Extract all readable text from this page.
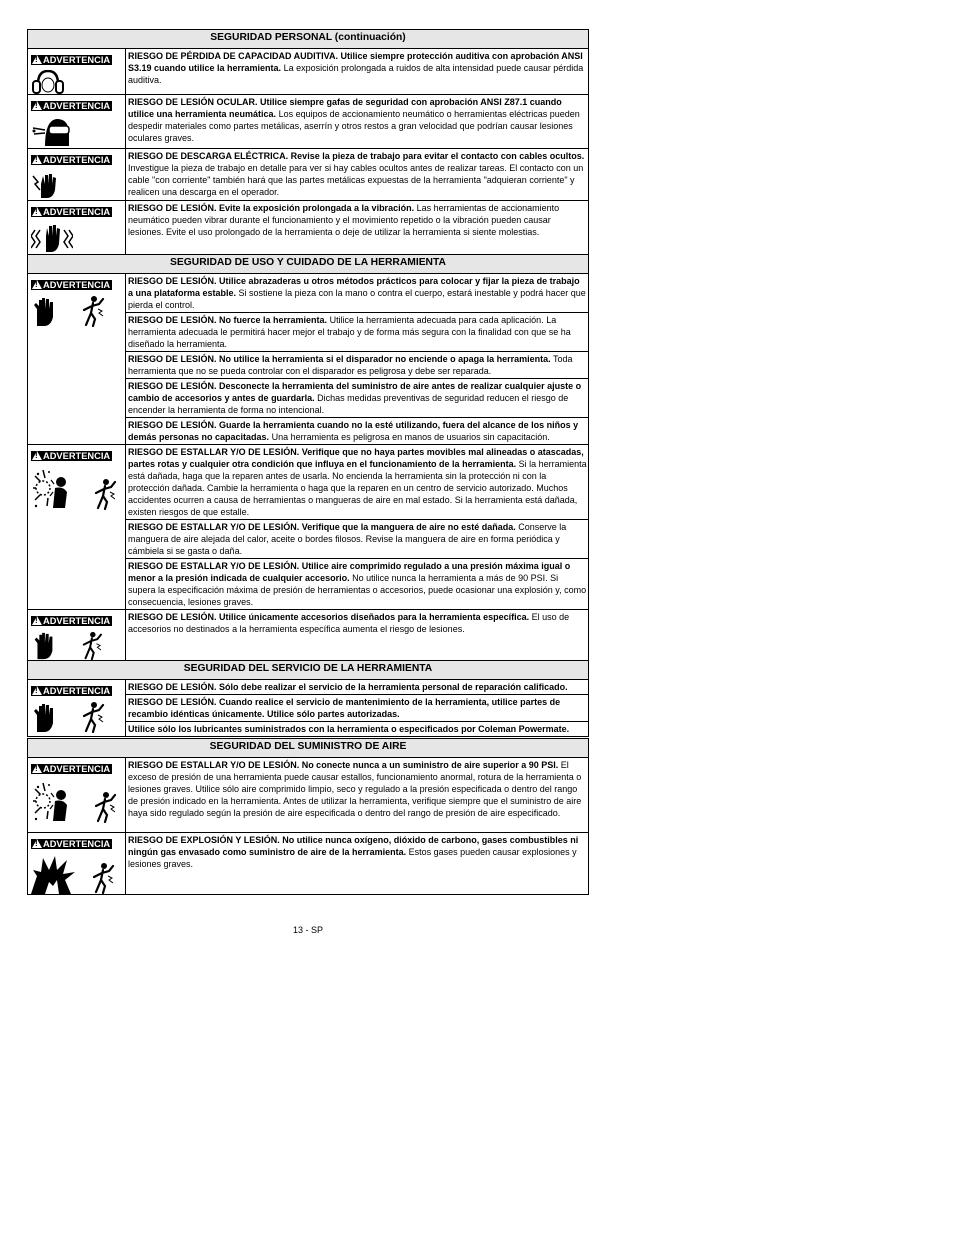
SEGURIDAD PERSONAL (continuación)	
!ADVERTENCIA	RIESGO DE PÉRDIDA DE CAPACIDAD AUDITIVA. Utilice siempre protección auditiva con aprobación ANSI S3.19 cuando utilice la herramienta. La exposición prolongada a ruidos de alta intensidad puede causar pérdida auditiva.
!ADVERTENCIA	RIESGO DE LESIÓN OCULAR. Utilice siempre gafas de seguridad con aprobación ANSI Z87.1 cuando utilice una herramienta neumática. Los equipos de accionamiento neumático o herramientas eléctricas pueden despedir materiales como partes metálicas, aserrín y otros restos a gran velocidad que podrían causar lesiones oculares graves.
!ADVERTENCIA	RIESGO DE DESCARGA ELÉCTRICA. Revise la pieza de trabajo para evitar el contacto con cables ocultos. Investigue la pieza de trabajo en detalle para ver si hay cables ocultos antes de realizar tareas. El contacto con un cable "con corriente" también hará que las partes metálicas expuestas de la herramienta "adquieran corriente" y realicen una descarga en el operador.
!ADVERTENCIA	RIESGO DE LESIÓN. Evite la exposición prolongada a la vibración. Las herramientas de accionamiento neumático pueden vibrar durante el funcionamiento y el movimiento repetido o la vibración pueden causar lesiones. Evite el uso prolongado de la herramienta o deje de utilizar la herramienta si siente molestias.
SEGURIDAD DE USO Y CUIDADO DE LA HERRAMIENTA	
!ADVERTENCIA	RIESGO DE LESIÓN. Utilice abrazaderas u otros métodos prácticos para colocar y fijar la pieza de trabajo a una plataforma estable. Si sostiene la pieza con la mano o contra el cuerpo, estará inestable y podrá hacer que pierda el control.
	RIESGO DE LESIÓN. No fuerce la herramienta. Utilice la herramienta adecuada para cada aplicación. La herramienta adecuada le permitirá hacer mejor el trabajo y de forma más segura con la finalidad con que se ha diseñado la herramienta.
	RIESGO DE LESIÓN. No utilice la herramienta si el disparador no enciende o apaga la herramienta. Toda herramienta que no se pueda controlar con el disparador es peligrosa y debe ser reparada.
	RIESGO DE LESIÓN. Desconecte la herramienta del suministro de aire antes de realizar cualquier ajuste o cambio de accesorios y antes de guardarla. Dichas medidas preventivas de seguridad reducen el riesgo de encender la herramienta de forma no intencional.
	RIESGO DE LESIÓN. Guarde la herramienta cuando no la esté utilizando, fuera del alcance de los niños y demás personas no capacitadas. Una herramienta es peligrosa en manos de usuarios sin capacitación.
!ADVERTENCIA	RIESGO DE ESTALLAR Y/O DE LESIÓN. Verifique que no haya partes movibles mal alineadas o atascadas, partes rotas y cualquier otra condición que influya en el funcionamiento de la herramienta. Si la herramienta está dañada, haga que la reparen antes de usarla. No encienda la herramienta sin la protección ni con la protección dañada. Cambie la herramienta o haga que la reparen en un centro de servicio autorizado. Muchos accidentes ocurren a causa de herramientas o mangueras de aire en mal estado. Si la herramienta está dañada, existen riesgos de que estalle.
	RIESGO DE ESTALLAR Y/O DE LESIÓN. Verifique que la manguera de aire no esté dañada. Conserve la manguera de aire alejada del calor, aceite o bordes filosos. Revise la manguera de aire en forma periódica y cámbiela si se gasta o daña.
	RIESGO DE ESTALLAR Y/O DE LESIÓN. Utilice aire comprimido regulado a una presión máxima igual o menor a la presión indicada de cualquier accesorio. No utilice nunca la herramienta a más de 90 PSI. Si supera la especificación máxima de presión de herramientas o accesorios, puede ocasionar una explosión y, como consecuencia, lesiones graves.
!ADVERTENCIA	RIESGO DE LESIÓN. Utilice únicamente accesorios diseñados para la herramienta específica. El uso de accesorios no destinados a la herramienta específica aumenta el riesgo de lesiones.
SEGURIDAD DEL SERVICIO DE LA HERRAMIENTA	
!ADVERTENCIA	RIESGO DE LESIÓN. Sólo debe realizar el servicio de la herramienta personal de reparación calificado.
	RIESGO DE LESIÓN. Cuando realice el servicio de mantenimiento de la herramienta, utilice partes de recambio idénticas únicamente. Utilice sólo partes autorizadas.
	Utilice sólo los lubricantes suministrados con la herramienta o especificados por Coleman Powermate.

SEGURIDAD DEL SUMINISTRO DE AIRE	
!ADVERTENCIA	RIESGO DE ESTALLAR Y/O DE LESIÓN. No conecte nunca a un suministro de aire superior a 90 PSI. El exceso de presión de una herramienta puede causar estallos, funcionamiento anormal, rotura de la herramienta o lesiones graves. Utilice sólo aire comprimido limpio, seco y regulado a la presión especificada o dentro del rango de presión indicado en la herramienta. Antes de utilizar la herramienta, verifique siempre que el suministro de aire haya sido regulado según la presión de aire especificada o dentro del rango de presión de aire especificado.
!ADVERTENCIA	RIESGO DE EXPLOSIÓN Y LESIÓN. No utilice nunca oxígeno, dióxido de carbono, gases combustibles ni ningún gas envasado como suministro de aire de la herramienta. Estos gases pueden causar explosiones y lesiones graves.
13 - SP
